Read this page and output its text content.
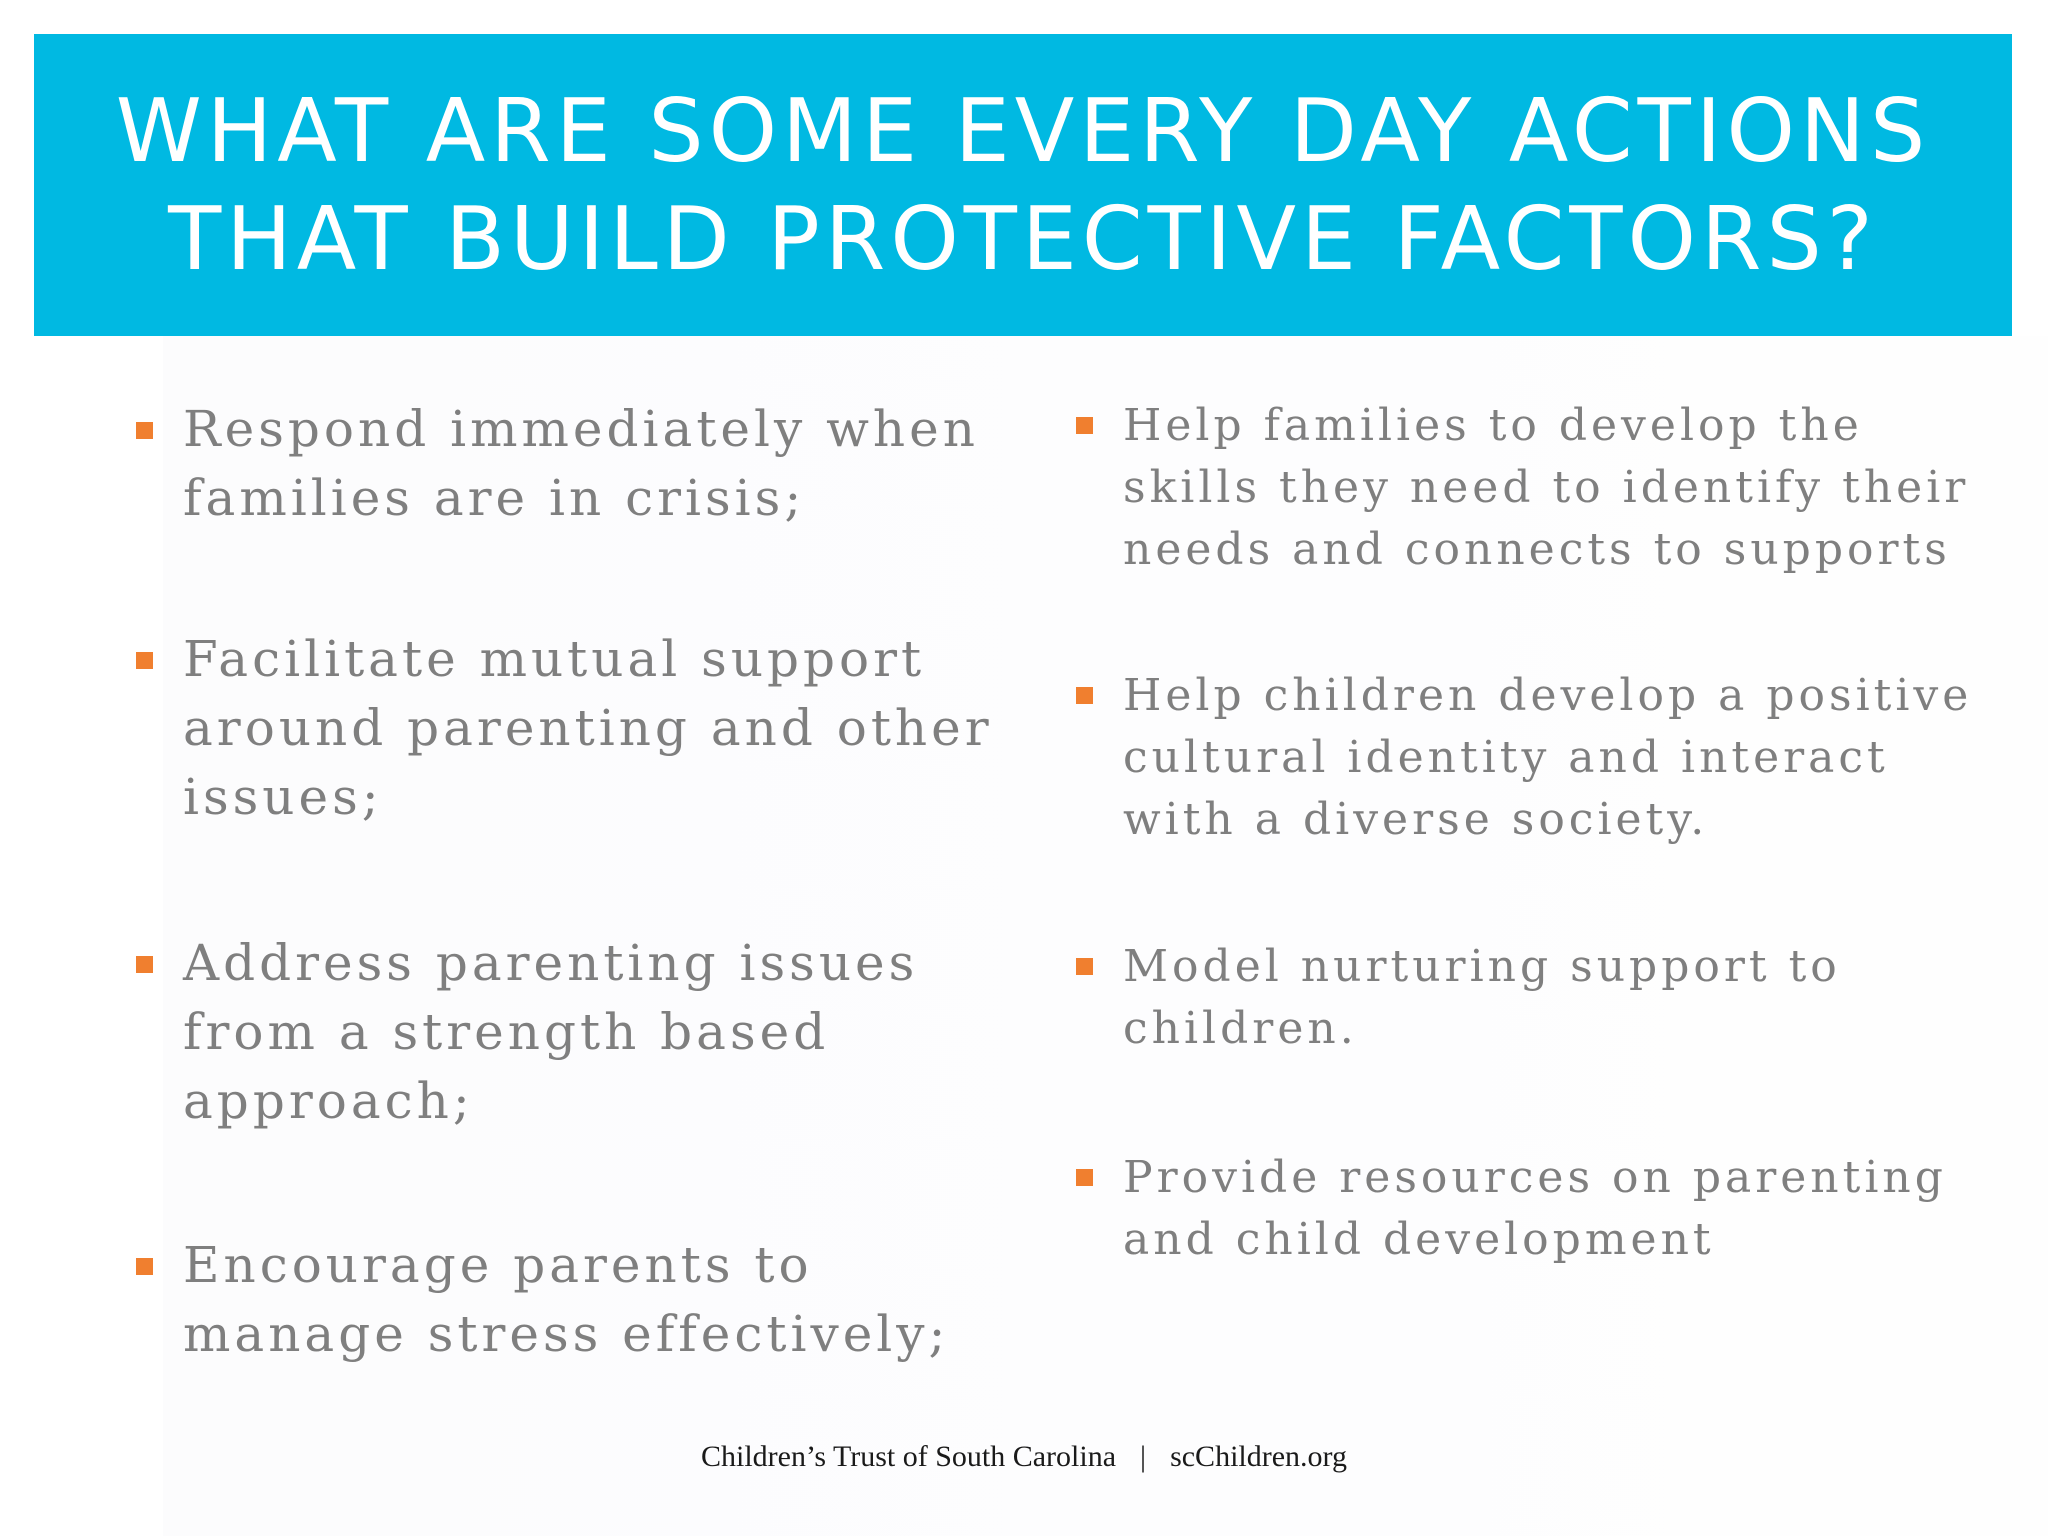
WHAT ARE SOME EVERY DAY ACTIONS THAT BUILD PROTECTIVE FACTORS?
Respond immediately when families are in crisis;
Facilitate mutual support around parenting and other issues;
Address parenting issues from a strength based approach;
Encourage parents to manage stress effectively;
Help families to develop the skills they need to identify their needs and connects to supports
Help children develop a positive cultural identity and interact with a diverse society.
Model nurturing support to children.
Provide resources on parenting and child development
Children’s Trust of South Carolina | scChildren.org
